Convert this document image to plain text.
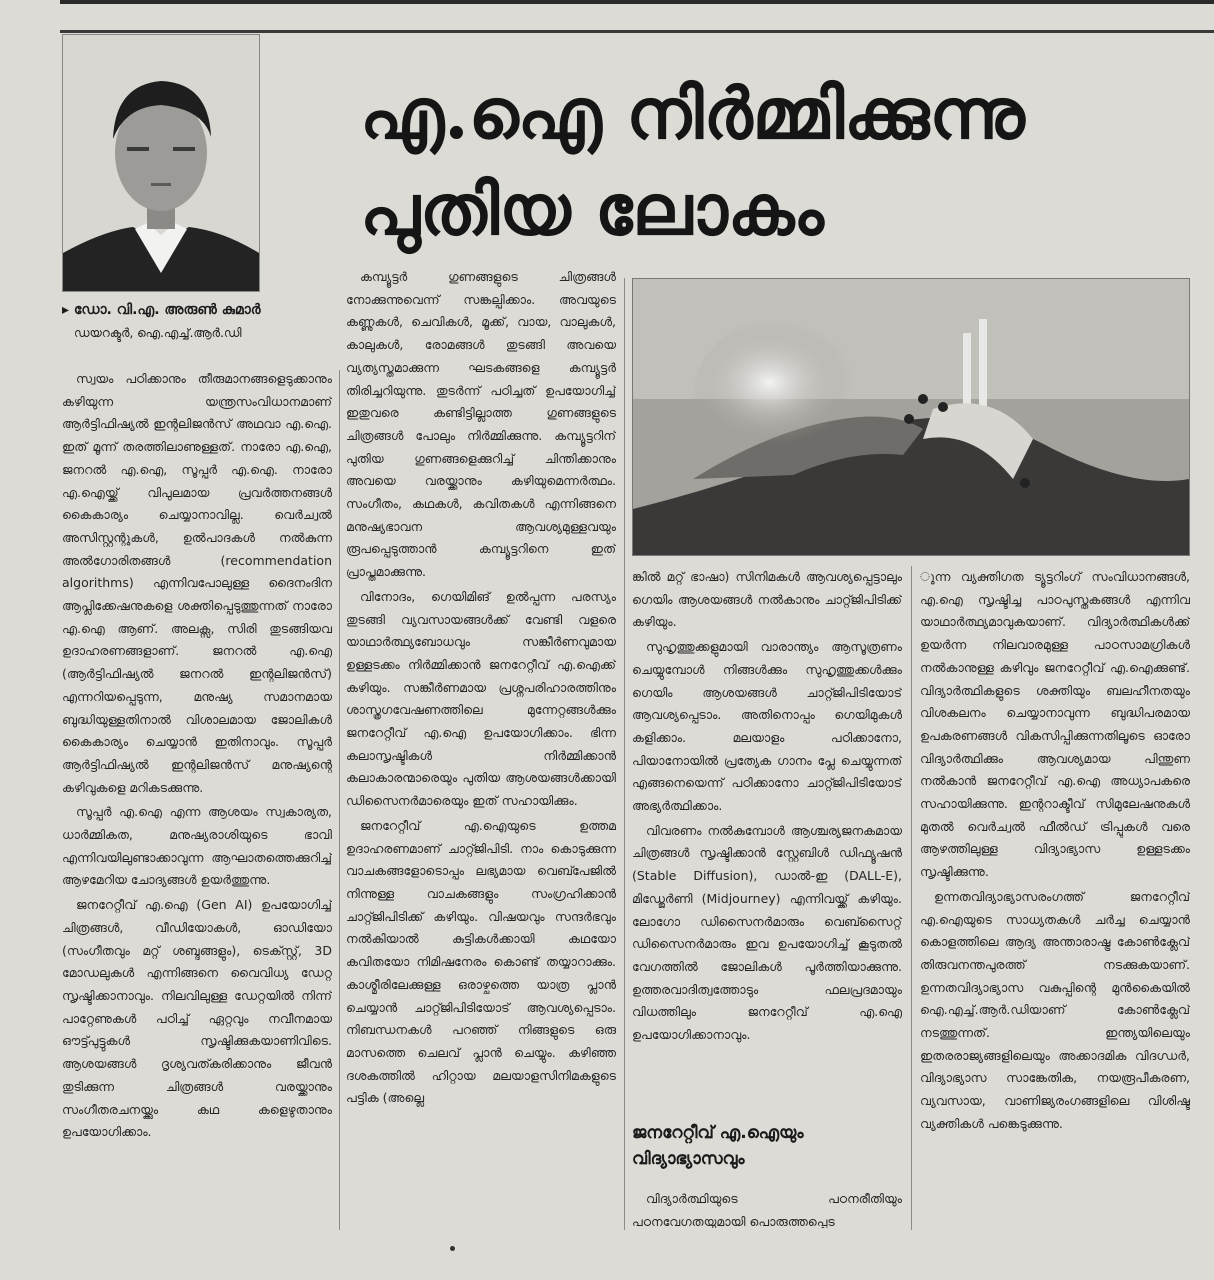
▸ ഡോ. വി.എ. അരുൺ കുമാർ
ഡയറക്ടർ, ഐ.എച്ച്.ആർ.ഡി
എ.ഐ നിർമ്മിക്കുന്നു
പുതിയ ലോകം

സ്വയം പഠിക്കാനും തീരുമാനങ്ങളെടുക്കാനും കഴിയുന്ന യന്ത്രസംവിധാനമാണ് ആർട്ടിഫിഷ്യൽ ഇന്റലിജൻസ് അഥവാ എ.ഐ. ഇത് മൂന്ന് തരത്തിലാണുള്ളത്. നാരോ എ.ഐ, ജനറൽ എ.ഐ, സൂപ്പർ എ.ഐ. നാരോ എ.ഐയ്ക്ക് വിപുലമായ പ്രവർത്തനങ്ങൾ കൈകാര്യം ചെയ്യാനാവില്ല. വെർച്വൽ അസിസ്റ്റന്റുകൾ, ഉൽപാദകൾ നൽകുന്ന അൽഗോരിതങ്ങൾ (recommendation algorithms) എന്നിവപോലുള്ള ദൈനംദിന ആപ്ലിക്കേഷനുകളെ ശക്തിപ്പെടുത്തുന്നത് നാരോ എ.ഐ ആണ്. അലക്സ, സിരി തുടങ്ങിയവ ഉദാഹരണങ്ങളാണ്. ജനറൽ എ.ഐ (ആർട്ടിഫിഷ്യൽ ജനറൽ ഇന്റലിജൻസ്) എന്നറിയപ്പെടുന്ന, മനുഷ്യ സമാനമായ ബുദ്ധിയുള്ളതിനാൽ വിശാലമായ ജോലികൾ കൈകാര്യം ചെയ്യാൻ ഇതിനാവും. സൂപ്പർ ആർട്ടിഫിഷ്യൽ ഇന്റലിജൻസ് മനുഷ്യന്റെ കഴിവുകളെ മറികടക്കുന്നു.

സൂപ്പർ എ.ഐ എന്ന ആശയം സ്വകാര്യത, ധാർമ്മികത, മനുഷ്യരാശിയുടെ ഭാവി എന്നിവയിലുണ്ടാക്കാവുന്ന ആഘാതത്തെക്കുറിച്ച് ആഴമേറിയ ചോദ്യങ്ങൾ ഉയർത്തുന്നു.

ജനറേറ്റീവ് എ.ഐ (Gen AI) ഉപയോഗിച്ച് ചിത്രങ്ങൾ, വീഡിയോകൾ, ഓഡിയോ (സംഗീതവും മറ്റ് ശബ്ദങ്ങളും), ടെക്സ്റ്റ്, 3D മോഡലുകൾ എന്നിങ്ങനെ വൈവിധ്യ ഡേറ്റ സൃഷ്ടിക്കാനാവും. നിലവിലുള്ള ഡേറ്റയിൽ നിന്ന് പാറ്റേണുകൾ പഠിച്ച് ഏറ്റവും നവീനമായ ഔട്ട്പുട്ടുകൾ സൃഷ്ടിക്കുകയാണിവിടെ. ആശയങ്ങൾ ദൃശ്യവത്കരിക്കാനും ജീവൻ തുടിക്കുന്ന ചിത്രങ്ങൾ വരയ്ക്കാനും സംഗീതരചനയ്ക്കും കഥ കളെഴുതാനും ഉപയോഗിക്കാം.

കമ്പ്യൂട്ടർ ഗുണങ്ങളുടെ ചിത്രങ്ങൾ നോക്കുന്നുവെന്ന് സങ്കല്പിക്കാം. അവയുടെ കണ്ണുകൾ, ചെവികൾ, മൂക്ക്, വായ, വാലുകൾ, കാലുകൾ, രോമങ്ങൾ തുടങ്ങി അവയെ വ്യത്യസ്തമാക്കുന്ന ഘടകങ്ങളെ കമ്പ്യൂട്ടർ തിരിച്ചറിയുന്നു. തുടർന്ന് പഠിച്ചത് ഉപയോഗിച്ച് ഇതുവരെ കണ്ടിട്ടില്ലാത്ത ഗുണങ്ങളുടെ ചിത്രങ്ങൾ പോലും നിർമ്മിക്കുന്നു. കമ്പ്യൂട്ടറിന് പുതിയ ഗുണങ്ങളെക്കുറിച്ച് ചിന്തിക്കാനും അവയെ വരയ്ക്കാനും കഴിയുമെന്നർത്ഥം. സംഗീതം, കഥകൾ, കവിതകൾ എന്നിങ്ങനെ മനുഷ്യഭാവന ആവശ്യമുള്ളവയും രൂപപ്പെടുത്താൻ കമ്പ്യൂട്ടറിനെ ഇത് പ്രാപ്തമാക്കുന്നു.

വിനോദം, ഗെയിമിങ് ഉൽപ്പന്ന പരസ്യം തുടങ്ങി വ്യവസായങ്ങൾക്ക് വേണ്ടി വളരെ യാഥാർത്ഥ്യബോധവും സങ്കീർണവുമായ ഉള്ളടക്കം നിർമ്മിക്കാൻ ജനറേറ്റീവ് എ.ഐക്ക് കഴിയും. സങ്കീർണമായ പ്രശ്നപരിഹാരത്തിനും ശാസ്ത്രഗവേഷണത്തിലെ മുന്നേറ്റങ്ങൾക്കും ജനറേറ്റീവ് എ.ഐ ഉപയോഗിക്കാം. ഭിന്ന കലാസൃഷ്ടികൾ നിർമ്മിക്കാൻ കലാകാരന്മാരെയും പുതിയ ആശയങ്ങൾക്കായി ഡിസൈനർമാരെയും ഇത് സഹായിക്കും.

ജനറേറ്റീവ് എ.ഐയുടെ ഉത്തമ ഉദാഹരണമാണ് ചാറ്റ്ജിപിടി. നാം കൊടുക്കുന്ന വാചകങ്ങളോടൊപ്പം ലഭ്യമായ വെബ്പേജിൽ നിന്നുള്ള വാചകങ്ങളും സംഗ്രഹിക്കാൻ ചാറ്റ്ജിപിടിക്ക് കഴിയും. വിഷയവും സന്ദർഭവും നൽകിയാൽ കുട്ടികൾക്കായി കഥയോ കവിതയോ നിമിഷനേരം കൊണ്ട് തയ്യാറാക്കും. കാശ്മീരിലേക്കുള്ള ഒരാഴ്ചത്തെ യാത്ര പ്ലാൻ ചെയ്യാൻ ചാറ്റ്ജിപിടിയോട് ആവശ്യപ്പെടാം. നിബന്ധനകൾ പറഞ്ഞ് നിങ്ങളുടെ ഒരു മാസത്തെ ചെലവ് പ്ലാൻ ചെയ്യും. കഴിഞ്ഞ ദശകത്തിൽ ഹിറ്റായ മലയാളസിനിമകളുടെ പട്ടിക (അല്ലെ

ങ്കിൽ മറ്റ് ഭാഷാ) സിനിമകൾ ആവശ്യപ്പെട്ടാലും ഗെയിം ആശയങ്ങൾ നൽകാനും ചാറ്റ്ജിപിടിക്ക് കഴിയും.

സുഹൃത്തുക്കളുമായി വാരാന്ത്യം ആസൂത്രണം ചെയ്യുമ്പോൾ നിങ്ങൾക്കും സുഹൃത്തുക്കൾക്കും ഗെയിം ആശയങ്ങൾ ചാറ്റ്ജിപിടിയോട് ആവശ്യപ്പെടാം. അതിനൊപ്പം ഗെയിമുകൾ കളിക്കാം. മലയാളം പഠിക്കാനോ, പിയാനോയിൽ പ്രത്യേക ഗാനം പ്ലേ ചെയ്യുന്നത് എങ്ങനെയെന്ന് പഠിക്കാനോ ചാറ്റ്ജിപിടിയോട് അഭ്യർത്ഥിക്കാം.

വിവരണം നൽകുമ്പോൾ ആശ്ചര്യജനകമായ ചിത്രങ്ങൾ സൃഷ്ടിക്കാൻ സ്റ്റേബിൾ ഡിഫ്യൂഷൻ (Stable Diffusion), ഡാൽ-ഇ (DALL-E), മിഡ്ജേർണി (Midjourney) എന്നിവയ്ക്ക് കഴിയും. ലോഗോ ഡിസൈനർമാരും വെബ്സൈറ്റ് ഡിസൈനർമാരും ഇവ ഉപയോഗിച്ച് കൂടുതൽ വേഗത്തിൽ ജോലികൾ പൂർത്തിയാക്കുന്നു. ഉത്തരവാദിത്വത്തോടും ഫലപ്രദമായും വിധത്തിലും ജനറേറ്റീവ് എ.ഐ ഉപയോഗിക്കാനാവും.

ജനറേറ്റീവ് എ.ഐയും വിദ്യാഭ്യാസവും

വിദ്യാർത്ഥിയുടെ പഠനരീതിയും പഠനവേഗതയുമായി പൊരുത്തപ്പെട

ുന്ന വ്യക്തിഗത ട്യൂട്ടറിംഗ് സംവിധാനങ്ങൾ, എ.ഐ സൃഷ്ടിച്ച പാഠപുസ്തകങ്ങൾ എന്നിവ യാഥാർത്ഥ്യമാവുകയാണ്. വിദ്യാർത്ഥികൾക്ക് ഉയർന്ന നിലവാരമുള്ള പാഠസാമഗ്രികൾ നൽകാനുള്ള കഴിവും ജനറേറ്റീവ് എ.ഐക്കുണ്ട്. വിദ്യാർത്ഥികളുടെ ശക്തിയും ബലഹീനതയും വിശകലനം ചെയ്യാനാവുന്ന ബുദ്ധിപരമായ ഉപകരണങ്ങൾ വികസിപ്പിക്കുന്നതിലൂടെ ഓരോ വിദ്യാർത്ഥിക്കും ആവശ്യമായ പിന്തുണ നൽകാൻ ജനറേറ്റീവ് എ.ഐ അധ്യാപകരെ സഹായിക്കുന്നു. ഇന്ററാക്ടീവ് സിമുലേഷനുകൾ മുതൽ വെർച്വൽ ഫീൽഡ് ട്രിപ്പുകൾ വരെ ആഴത്തിലുള്ള വിദ്യാഭ്യാസ ഉള്ളടക്കം സൃഷ്ടിക്കുന്നു.

ഉന്നതവിദ്യാഭ്യാസരംഗത്ത് ജനറേറ്റീവ് എ.ഐയുടെ സാധ്യതകൾ ചർച്ച ചെയ്യാൻ കൊളത്തിലെ ആദ്യ അന്താരാഷ്ട്ര കോൺക്ലേവ് തിരുവനന്തപുരത്ത് നടക്കുകയാണ്. ഉന്നതവിദ്യാഭ്യാസ വകുപ്പിന്റെ മുൻകൈയിൽ ഐ.എച്ച്.ആർ.ഡിയാണ് കോൺക്ലേവ് നടത്തുന്നത്. ഇന്ത്യയിലെയും ഇതരരാജ്യങ്ങളിലെയും അക്കാദമിക വിദഗ്ധർ, വിദ്യാഭ്യാസ സാങ്കേതിക, നയരൂപീകരണ, വ്യവസായ, വാണിജ്യരംഗങ്ങളിലെ വിശിഷ്ട വ്യക്തികൾ പങ്കെടുക്കുന്നു.
